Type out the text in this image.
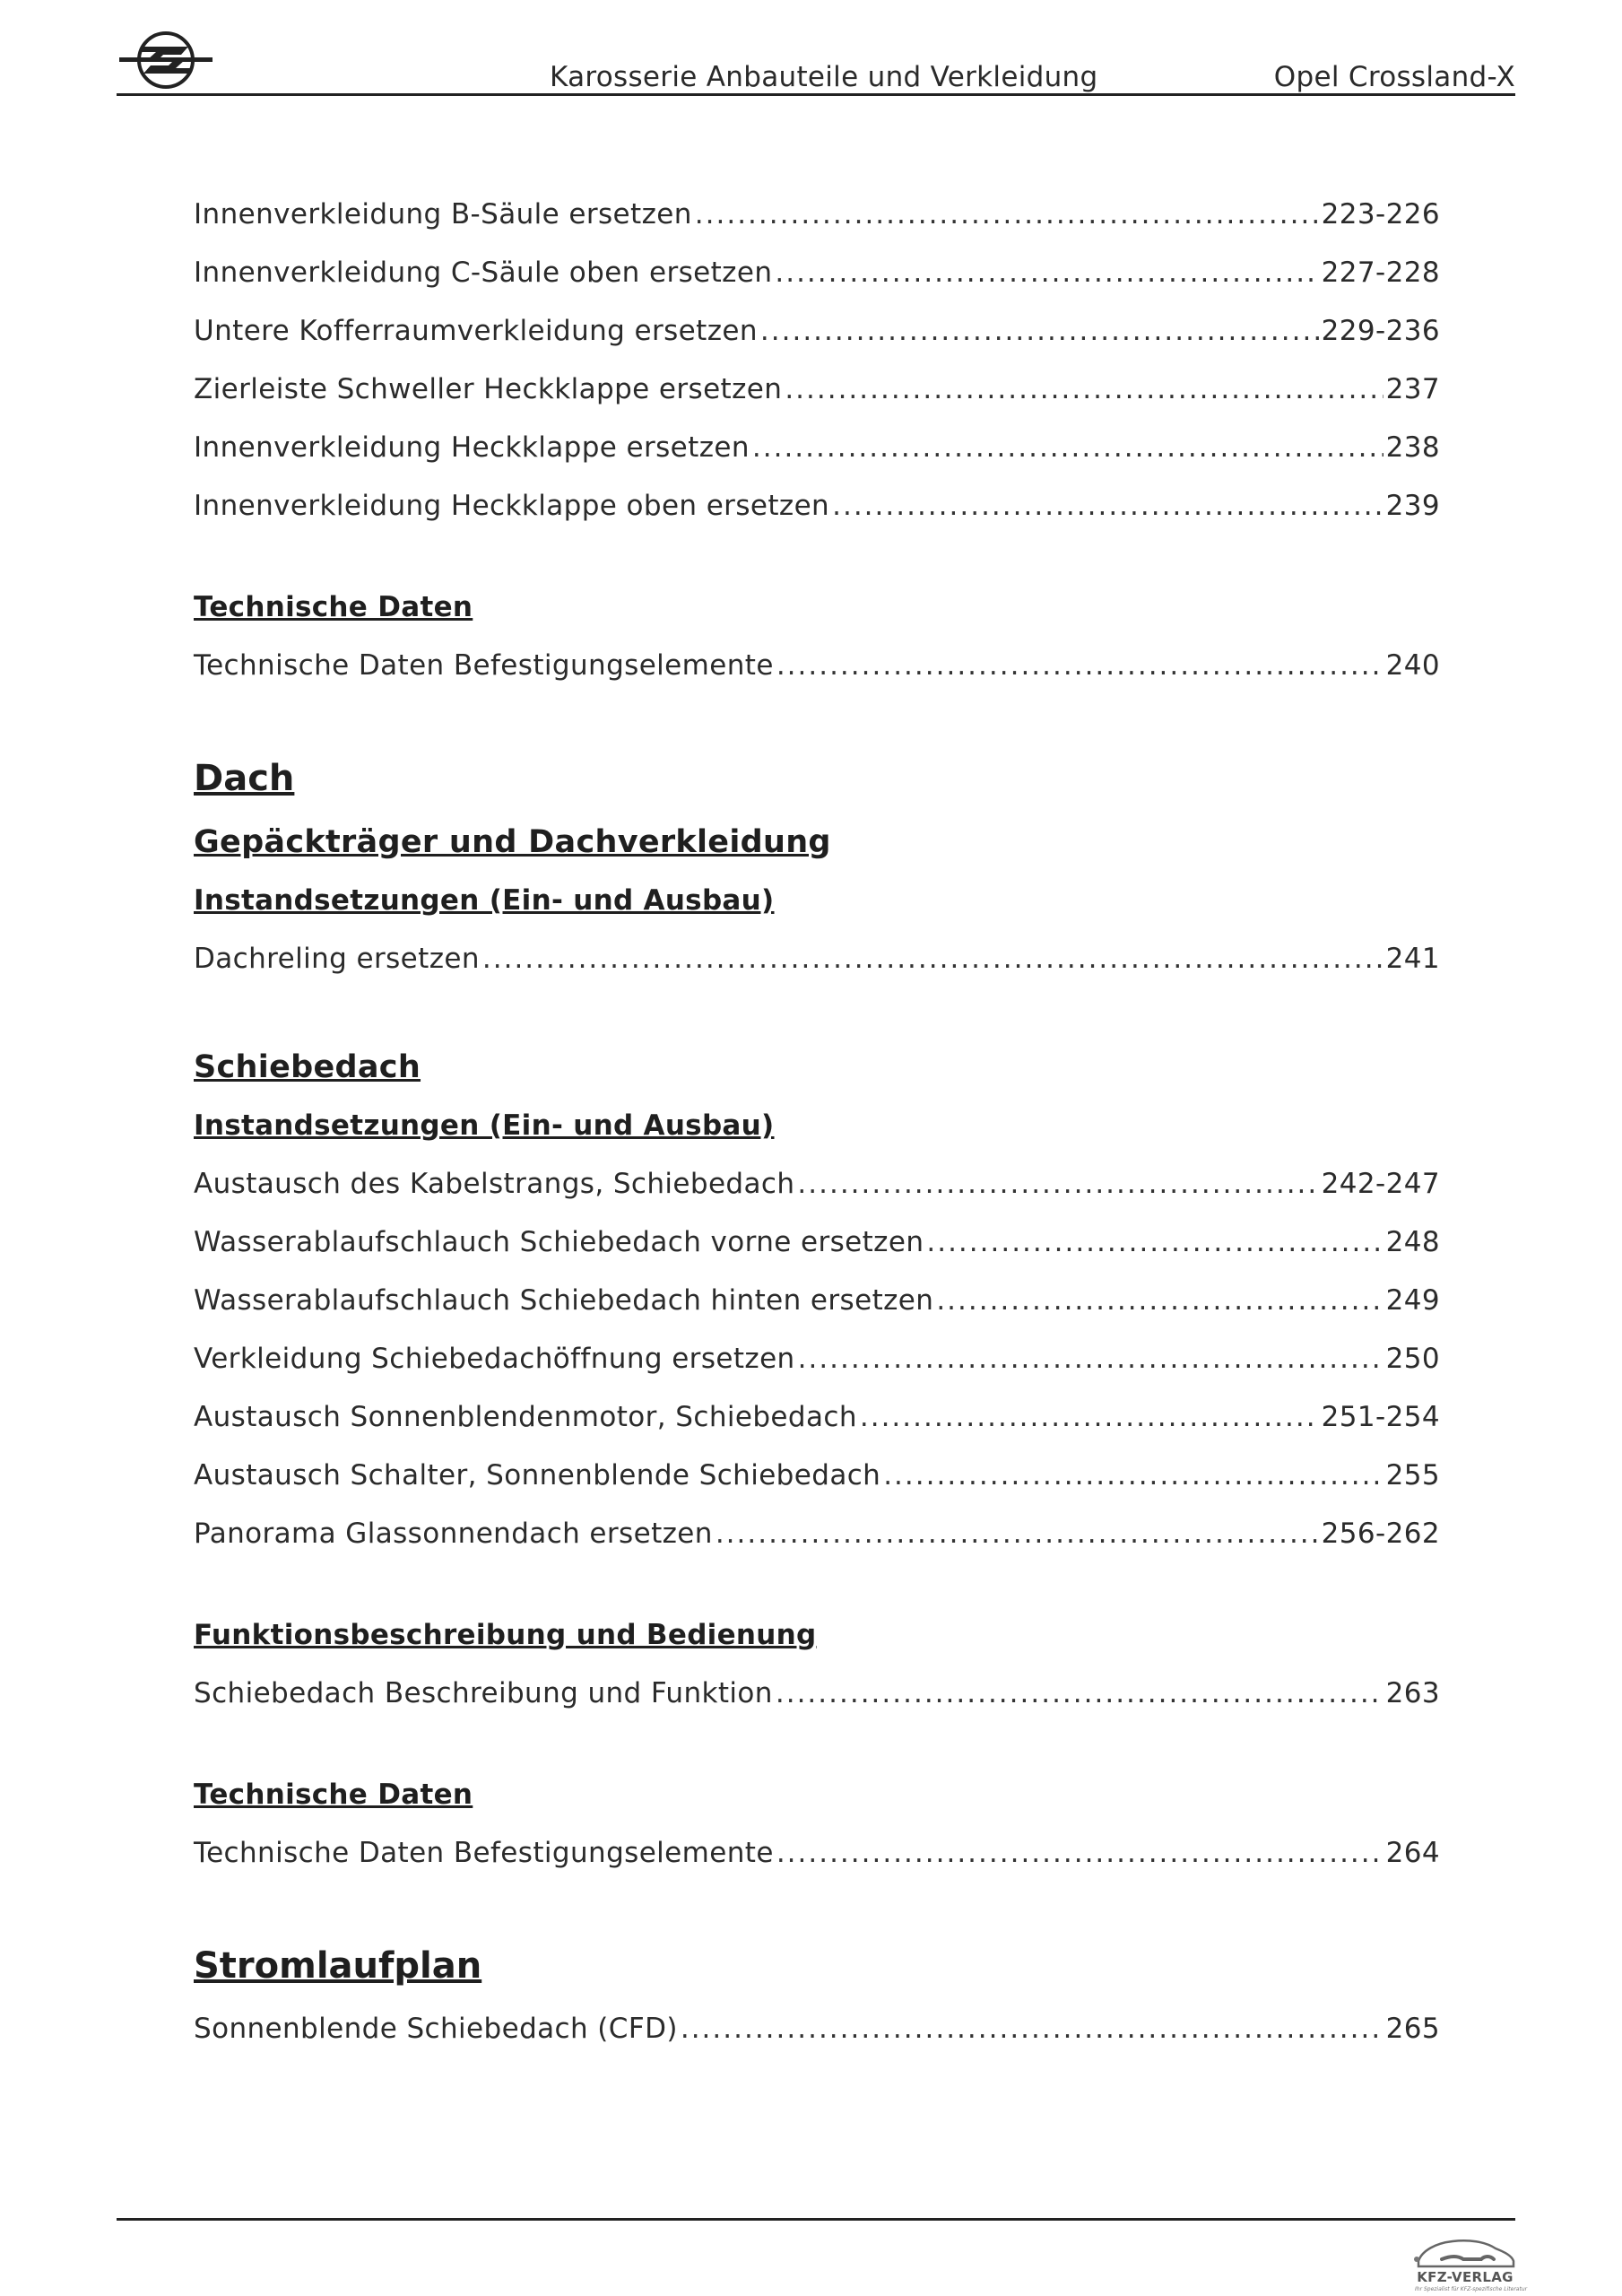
Karosserie Anbauteile und Verkleidung	Opel Crossland-X
Innenverkleidung B-Säule ersetzen .....	223-226
Innenverkleidung C-Säule oben ersetzen .....	227-228
Untere Kofferraumverkleidung ersetzen .....	229-236
Zierleiste Schweller Heckklappe ersetzen .....	237
Innenverkleidung Heckklappe ersetzen .....	238
Innenverkleidung Heckklappe oben ersetzen .....	239
Technische Daten
Technische Daten Befestigungselemente .....	240
Dach
Gepäckträger und Dachverkleidung
Instandsetzungen (Ein- und Ausbau)
Dachreling ersetzen .....	241
Schiebedach
Instandsetzungen (Ein- und Ausbau)
Austausch des Kabelstrangs, Schiebedach .....	242-247
Wasserablaufschlauch Schiebedach vorne ersetzen .....	248
Wasserablaufschlauch Schiebedach hinten ersetzen .....	249
Verkleidung Schiebedachöffnung ersetzen .....	250
Austausch Sonnenblendenmotor, Schiebedach .....	251-254
Austausch Schalter, Sonnenblende Schiebedach .....	255
Panorama Glassonnendach ersetzen .....	256-262
Funktionsbeschreibung und Bedienung
Schiebedach Beschreibung und Funktion .....	263
Technische Daten
Technische Daten Befestigungselemente .....	264
Stromlaufplan
Sonnenblende Schiebedach (CFD) .....	265
KFZ-VERLAG
Ihr Spezialist für KFZ-spezifische Literatur
